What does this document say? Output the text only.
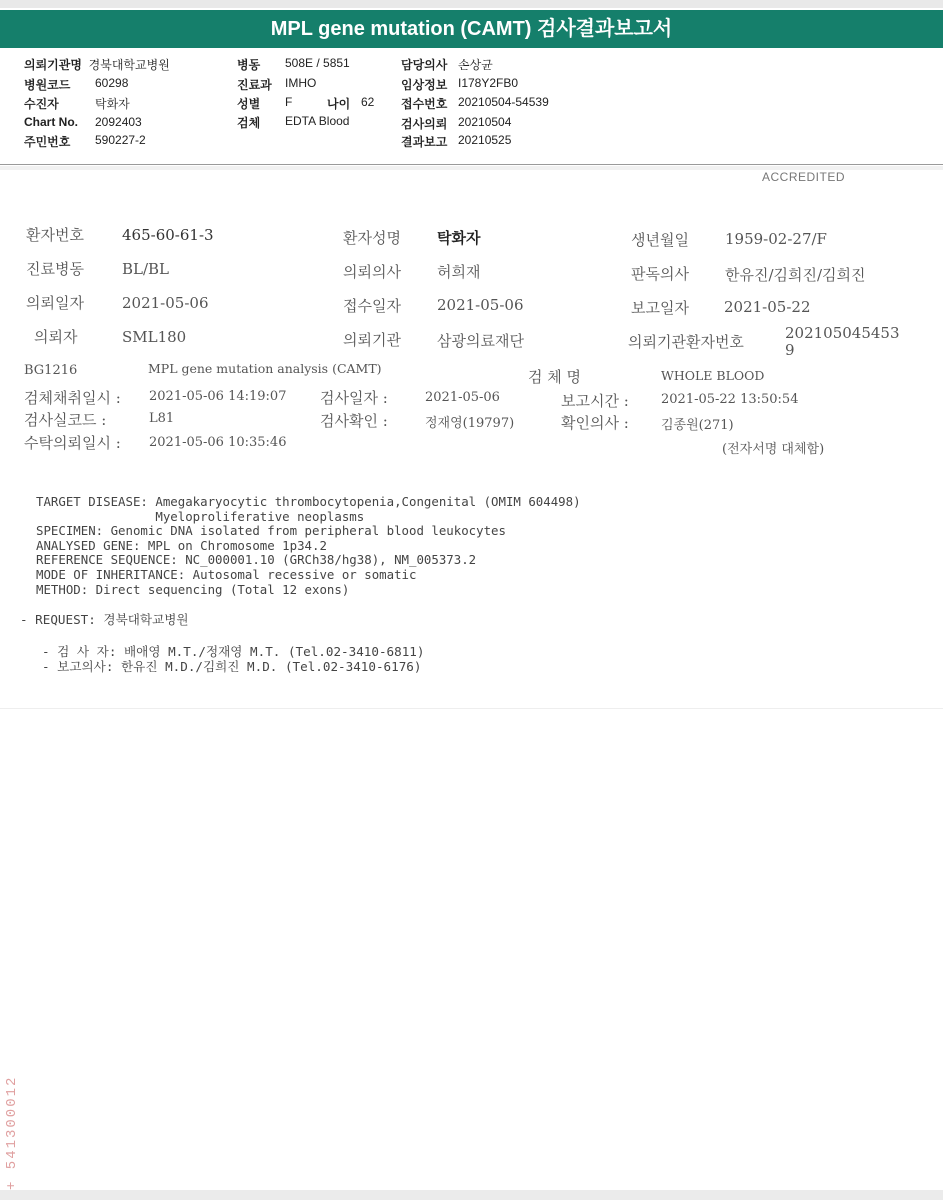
MPL gene mutation (CAMT) 검사결과보고서
의뢰기관명 경북대학교병원
병원코드 60298
수진자	탁화자
Chart No. 2092403
주민번호 590227-2
병동 508E / 5851
진료과 IMHO
성별 F	나이 62
검체 EDTA Blood
담당의사 손상균
임상정보 I178Y2FB0
접수번호 20210504-54539
검사의뢰 20210504
결과보고 20210525
ACCREDITED
환자번호	465-60-61-3	환자성명 탁화자	생년월일 1959-02-27/F
진료병동	BL/BL	의뢰의사 허희재	판독의사 한유진/김희진/김희진
의뢰일자	2021-05-06	접수일자 2021-05-06	보고일자 2021-05-22
의뢰자	SML180	의뢰기관 삼광의료재단	의뢰기관환자번호	202105045453
9
BG1216	MPL gene mutation analysis (CAMT)	검 체 명	WHOLE BLOOD
검체채취일시 : 2021-05-06 14:19:07 검사일자 :	2021-05-06	보고시간 : 2021-05-22 13:50:54
검사실코드 :	L81	검사확인 :	정재영(19797)	확인의사 : 김종원(271)
수탁의뢰일시 : 2021-05-06 10:35:46	(전자서명 대체함)
TARGET DISEASE: Amegakaryocytic thrombocytopenia,Congenital (OMIM 604498)
Myeloproliferative neoplasms
SPECIMEN: Genomic DNA isolated from peripheral blood leukocytes
ANALYSED GENE: MPL on Chromosome 1p34.2
REFERENCE SEQUENCE: NC_000001.10 (GRCh38/hg38), NM_005373.2
MODE OF INHERITANCE: Autosomal recessive or somatic
METHOD: Direct sequencing (Total 12 exons)
- REQUEST: 경북대학교병원
- 검 사 자: 배애영 M.T./정재영 M.T. (Tel.02-3410-6811)
- 보고의사: 한유진 M.D./김희진 M.D. (Tel.02-3410-6176)
+ 541300012
